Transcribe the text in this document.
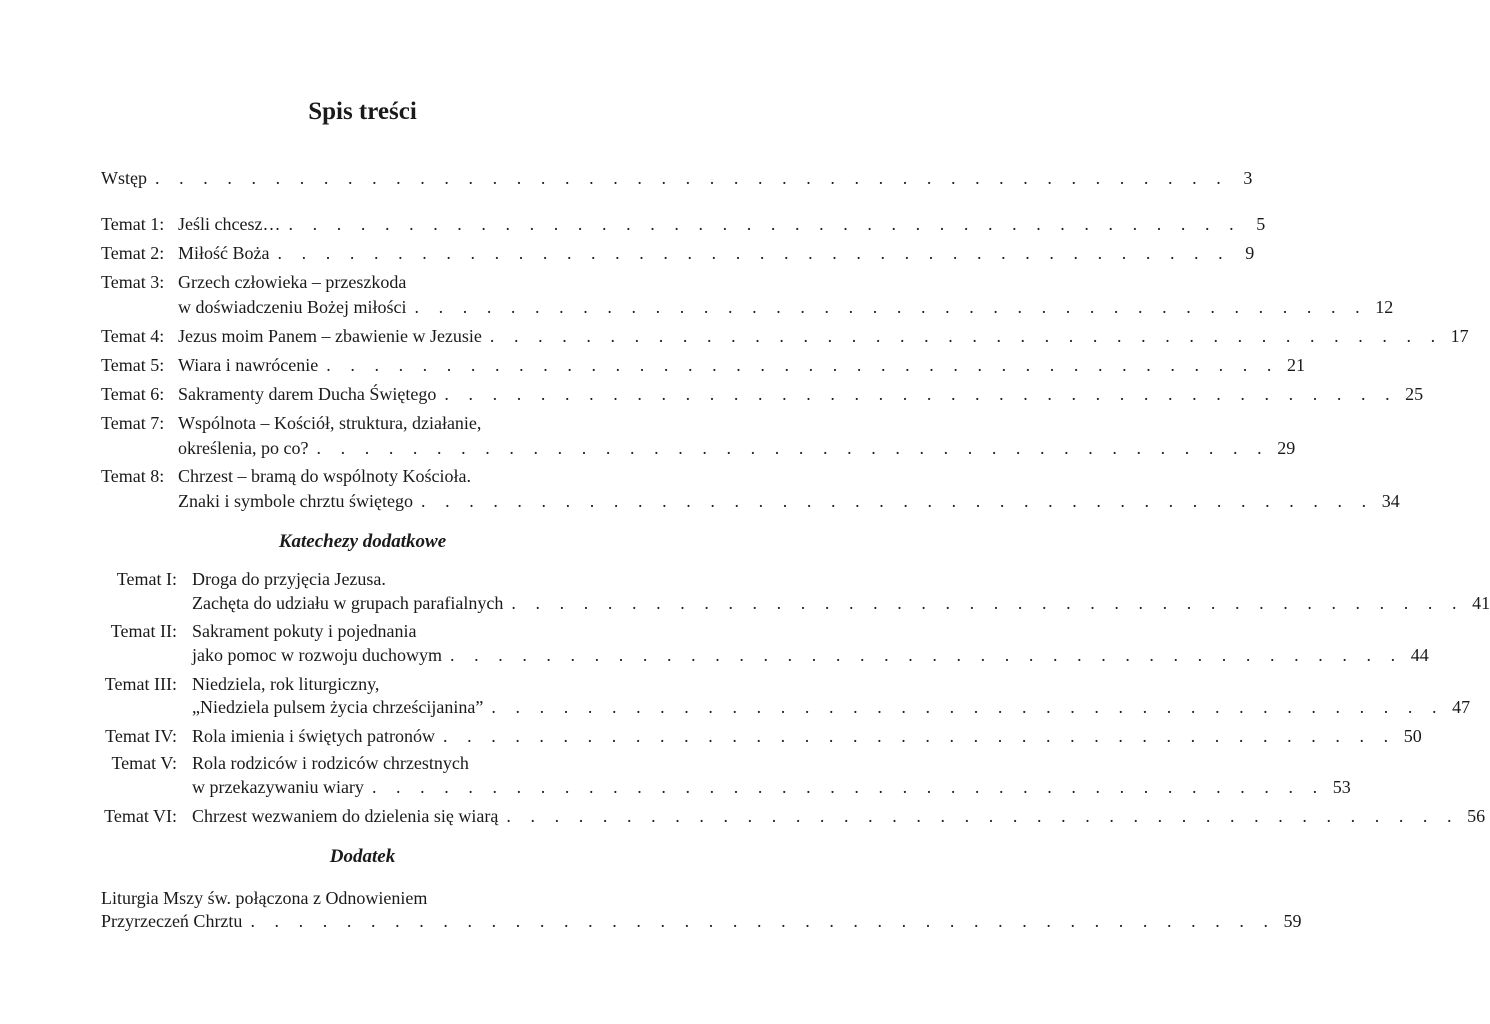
Spis treści
Wstęp . . . . . . . . . . . . . . . . . . . . . . . . . . . . . . . . . . . . . . . . . . . . . 3
Temat 1: Jeśli chcesz… . . . . . . . . . . . . . . . . . . . . . . . . . . . . . . . . . . . . . . . . 5
Temat 2: Miłość Boża . . . . . . . . . . . . . . . . . . . . . . . . . . . . . . . . . . . . . . . . 9
Temat 3: Grzech człowieka – przeszkoda
w doświadczeniu Bożej miłości . . . . . . . . . . . . . . . . . . . . . . . . . . . . . . . . . . . . . . . . 12
Temat 4: Jezus moim Panem – zbawienie w Jezusie . . . . . . . . . . . . . . . . . . . . . . . . . . . . . . . . . . . . . . . . 17
Temat 5: Wiara i nawrócenie . . . . . . . . . . . . . . . . . . . . . . . . . . . . . . . . . . . . . . . . 21
Temat 6: Sakramenty darem Ducha Świętego . . . . . . . . . . . . . . . . . . . . . . . . . . . . . . . . . . . . . . . . 25
Temat 7: Wspólnota – Kościół, struktura, działanie,
określenia, po co? . . . . . . . . . . . . . . . . . . . . . . . . . . . . . . . . . . . . . . . . 29
Temat 8: Chrzest – bramą do wspólnoty Kościoła.
Znaki i symbole chrztu świętego . . . . . . . . . . . . . . . . . . . . . . . . . . . . . . . . . . . . . . . . 34
Katechezy dodatkowe
Temat I: Droga do przyjęcia Jezusa.
Zachęta do udziału w grupach parafialnych . . . . . . . . . . . . . . . . . . . . . . . . . . . . . . . . . . . . . . . . 41
Temat II: Sakrament pokuty i pojednania
jako pomoc w rozwoju duchowym . . . . . . . . . . . . . . . . . . . . . . . . . . . . . . . . . . . . . . . . 44
Temat III: Niedziela, rok liturgiczny,
„Niedziela pulsem życia chrześcijanina” . . . . . . . . . . . . . . . . . . . . . . . . . . . . . . . . . . . . . . . . 47
Temat IV: Rola imienia i świętych patronów . . . . . . . . . . . . . . . . . . . . . . . . . . . . . . . . . . . . . . . . 50
Temat V: Rola rodziców i rodziców chrzestnych
w przekazywaniu wiary . . . . . . . . . . . . . . . . . . . . . . . . . . . . . . . . . . . . . . . . 53
Temat VI: Chrzest wezwaniem do dzielenia się wiarą . . . . . . . . . . . . . . . . . . . . . . . . . . . . . . . . . . . . . . . . 56
Dodatek
Liturgia Mszy św. połączona z Odnowieniem
Przyrzeczeń Chrztu . . . . . . . . . . . . . . . . . . . . . . . . . . . . . . . . . . . . . . . . . . . 59
